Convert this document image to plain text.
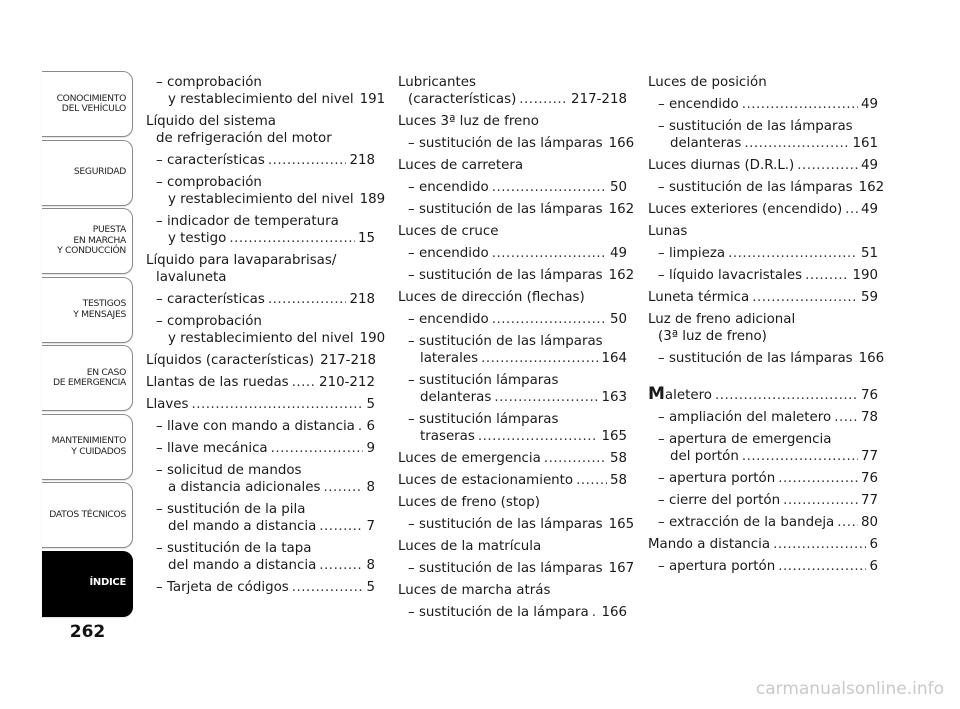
CONOCIMIENTO
DEL VEHÍCULO
SEGURIDAD
PUESTA
EN MARCHA
Y CONDUCCIÓN
TESTIGOS
Y MENSAJES
EN CASO
DE EMERGENCIA
MANTENIMIENTO
Y CUIDADOS
DATOS TÉCNICOS
ÍNDICE
262
– comprobación
y restablecimiento del nivel 191
Líquido del sistema
de refrigeración del motor
– características .....	218
– comprobación
y restablecimiento del nivel 189
– indicador de temperatura
y testigo .....	15
Líquido para lavaparabrisas/
lavaluneta
– características .....	218
– comprobación
y restablecimiento del nivel 190
Líquidos (características) 217-218
Llantas de las ruedas ..... 210-212
Llaves .....	5
– llave con mando a distancia ..... 6
– llave mecánica .....	9
– solicitud de mandos
a distancia adicionales .....	8
– sustitución de la pila
del mando a distancia .....	7
– sustitución de la tapa
del mando a distancia .....	8
– Tarjeta de códigos .....	5
Lubricantes
(características) .....	217-218
Luces 3ª luz de freno
– sustitución de las lámparas 166
Luces de carretera
– encendido .....	50
– sustitución de las lámparas 162
Luces de cruce
– encendido .....	49
– sustitución de las lámparas 162
Luces de dirección (flechas)
– encendido .....	50
– sustitución de las lámparas
laterales .....	164
– sustitución lámparas
delanteras .....	163
– sustitución lámparas
traseras .....	165
Luces de emergencia .....	58
Luces de estacionamiento .....	58
Luces de freno (stop)
– sustitución de las lámparas 165
Luces de la matrícula
– sustitución de las lámparas 167
Luces de marcha atrás
– sustitución de la lámpara ..... 166
Luces de posición
– encendido .....	49
– sustitución de las lámparas
delanteras .....	161
Luces diurnas (D.R.L.) .....	49
– sustitución de las lámparas 162
Luces exteriores (encendido) ..... 49
Lunas
– limpieza .....	51
– líquido lavacristales .....	190
Luneta térmica .....	59
Luz de freno adicional
(3ª luz de freno)
– sustitución de las lámparas 166
Maletero .....	76
– ampliación del maletero ..... 78
– apertura de emergencia
del portón .....	77
– apertura portón .....	76
– cierre del portón .....	77
– extracción de la bandeja ..... 80
Mando a distancia .....	6
– apertura portón .....	6
carmanualsonline.info
